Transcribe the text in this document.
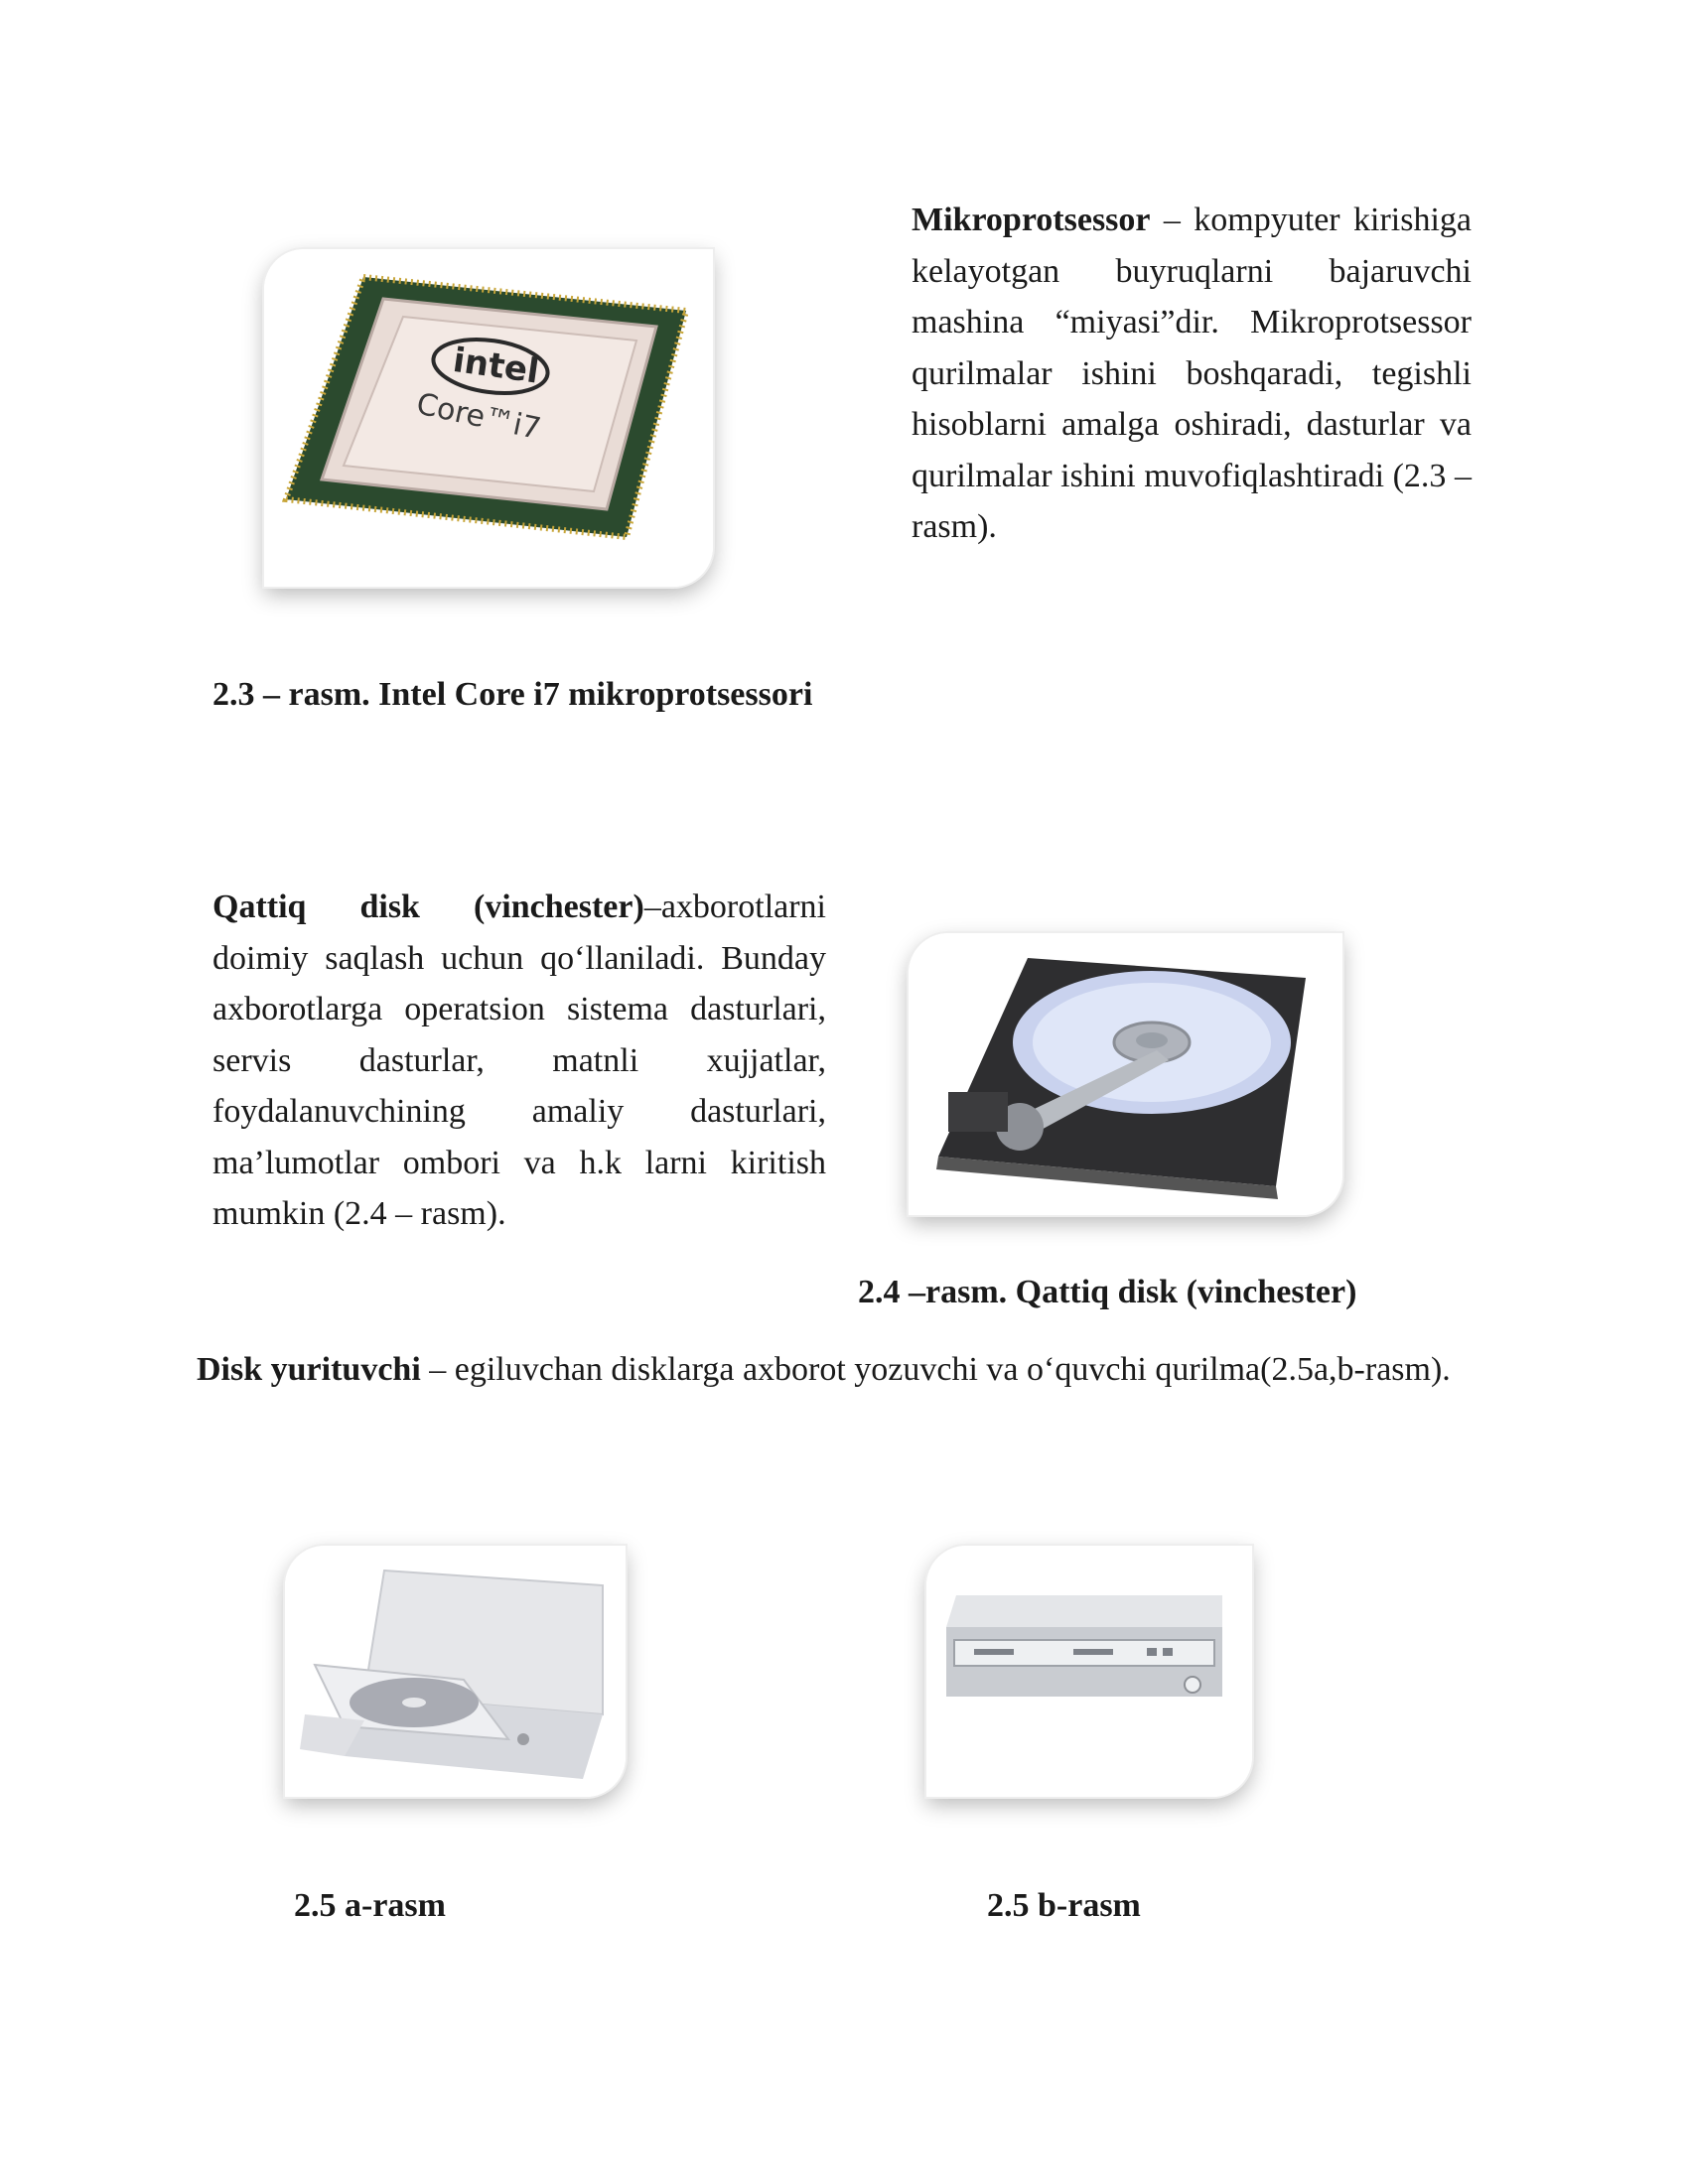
intel
Core™i7

Mikroprotsessor – kompyuter kirishiga kelayotgan buyruqlarni bajaruvchi mashina “miyasi”dir. Mikroprotsessor qurilmalar ishini boshqaradi, tegishli hisoblarni amalga oshiradi, dasturlar va qurilmalar ishini muvofiqlashtiradi (2.3 – rasm).

2.3 – rasm. Intel Core i7 mikroprotsessori

Qattiq disk (vinchester)–axborotlarni doimiy saqlash uchun qo‘llaniladi. Bunday axborotlarga operatsion sistema dasturlari, servis dasturlar, matnli xujjatlar, foydalanuvchining amaliy dasturlari, ma’lumotlar ombori va h.k larni kiritish mumkin (2.4 – rasm).

2.4 –rasm. Qattiq disk (vinchester)

Disk yurituvchi – egiluvchan disklarga axborot yozuvchi va o‘quvchi qurilma(2.5a,b-rasm).

2.5 a-rasm	2.5 b-rasm
